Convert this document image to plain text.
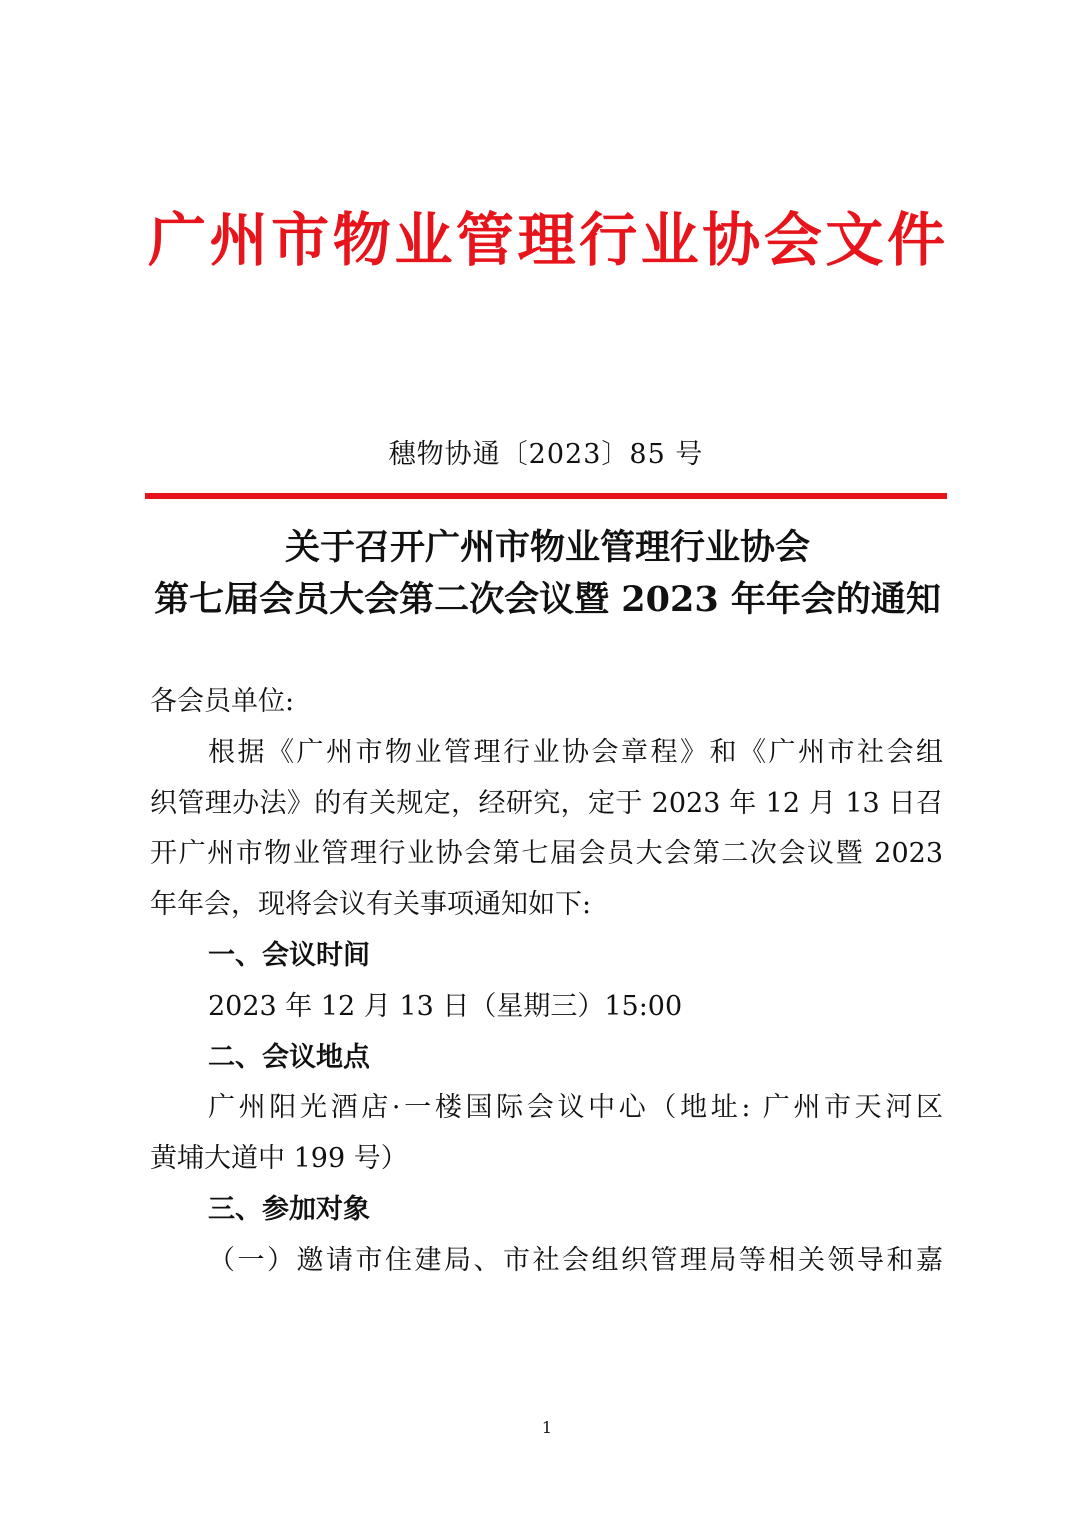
广州市物业管理行业协会文件
穗物协通〔2023〕85 号
关于召开广州市物业管理行业协会
第七届会员大会第二次会议暨 2023 年年会的通知
各会员单位:
根据《广州市物业管理行业协会章程》和《广州市社会组
织管理办法》的有关规定，经研究，定于 2023 年 12 月 13 日召
开广州市物业管理行业协会第七届会员大会第二次会议暨 2023
年年会，现将会议有关事项通知如下:
一、会议时间
2023 年 12 月 13 日（星期三）15:00
二、会议地点
广州阳光酒店·一楼国际会议中心（地址: 广州市天河区
黄埔大道中 199 号）
三、参加对象
（一）邀请市住建局、市社会组织管理局等相关领导和嘉
1
